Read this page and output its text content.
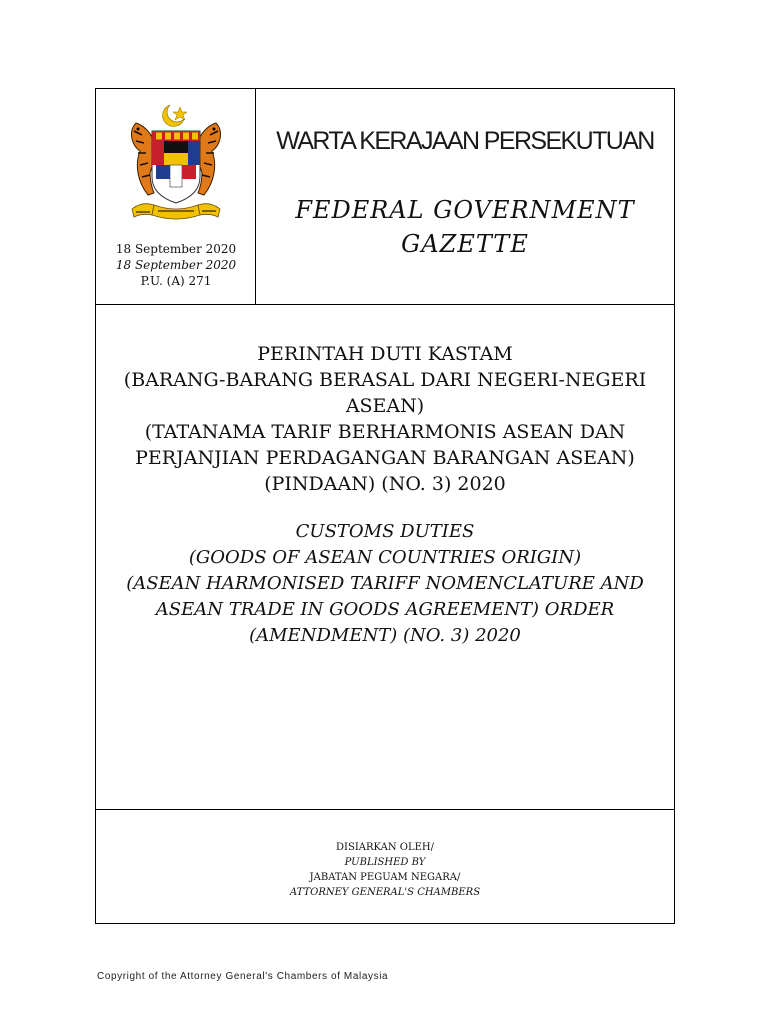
18 September 2020
18 September 2020
P.U. (A) 271
WARTA KERAJAAN PERSEKUTUAN
FEDERAL GOVERNMENT
GAZETTE
PERINTAH DUTI KASTAM
(BARANG-BARANG BERASAL DARI NEGERI-NEGERI ASEAN)
(TATANAMA TARIF BERHARMONIS ASEAN DAN
PERJANJIAN PERDAGANGAN BARANGAN ASEAN)
(PINDAAN) (NO. 3) 2020
CUSTOMS DUTIES
(GOODS OF ASEAN COUNTRIES ORIGIN)
(ASEAN HARMONISED TARIFF NOMENCLATURE AND
ASEAN TRADE IN GOODS AGREEMENT) ORDER
(AMENDMENT) (NO. 3) 2020
DISIARKAN OLEH/
PUBLISHED BY
JABATAN PEGUAM NEGARA/
ATTORNEY GENERAL'S CHAMBERS
Copyright of the Attorney General's Chambers of Malaysia
